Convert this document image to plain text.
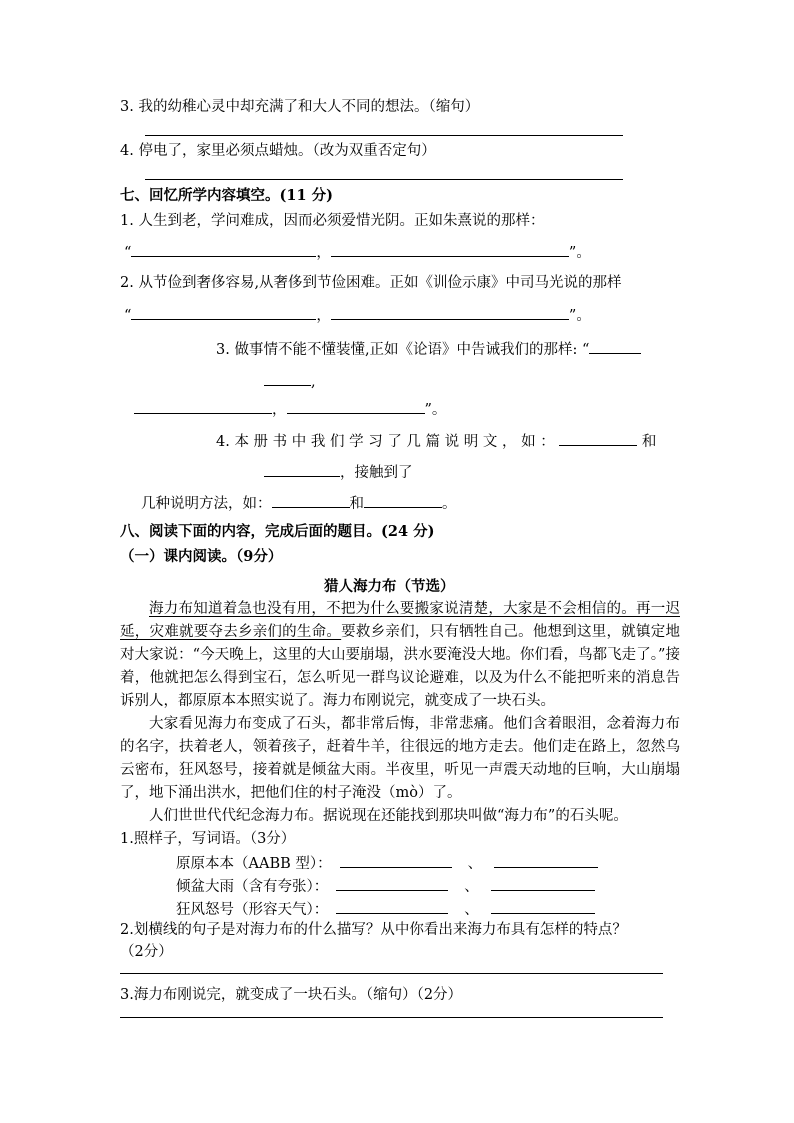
3. 我的幼稚心灵中却充满了和大人不同的想法。（缩句）
4. 停电了，家里必须点蜡烛。（改为双重否定句）
七、回忆所学内容填空。(11 分)
1. 人生到老，学问难成，因而必须爱惜光阴。正如朱熹说的那样：
“	，	”。
2. 从节俭到奢侈容易,从奢侈到节俭困难。正如《训俭示康》中司马光说的那样
“	，	”。
3. 做事情不能不懂装懂,正如《论语》中告诫我们的那样: “
,
，	”。
4. 本 册 书 中 我 们 学 习 了 几 篇 说 明 文 ， 如 ：	和
，接触到了
几种说明方法，如：	和	。
八、阅读下面的内容，完成后面的题目。(24 分)
（一）课内阅读。（9分）
猎人海力布（节选）

海力布知道着急也没有用，不把为什么要搬家说清楚，大家是不会相信的。再一迟延，灾难就要夺去乡亲们的生命。要救乡亲们，只有牺牲自己。他想到这里，就镇定地对大家说：“今天晚上，这里的大山要崩塌，洪水要淹没大地。你们看，鸟都飞走了。”接着，他就把怎么得到宝石，怎么听见一群鸟议论避难，以及为什么不能把听来的消息告诉别人，都原原本本照实说了。海力布刚说完，就变成了一块石头。

大家看见海力布变成了石头，都非常后悔，非常悲痛。他们含着眼泪，念着海力布的名字，扶着老人，领着孩子，赶着牛羊，往很远的地方走去。他们走在路上，忽然乌云密布，狂风怒号，接着就是倾盆大雨。半夜里，听见一声震天动地的巨响，大山崩塌了，地下涌出洪水，把他们住的村子淹没（mò）了。

人们世世代代纪念海力布。据说现在还能找到那块叫做“海力布”的石头呢。

1.照样子，写词语。（3分）
原原本本（AABB 型）：	、
倾盆大雨（含有夸张）：	、
狂风怒号（形容天气）：	、
2.划横线的句子是对海力布的什么描写？从中你看出来海力布具有怎样的特点？
（2分）
3.海力布刚说完，就变成了一块石头。（缩句）（2分）
